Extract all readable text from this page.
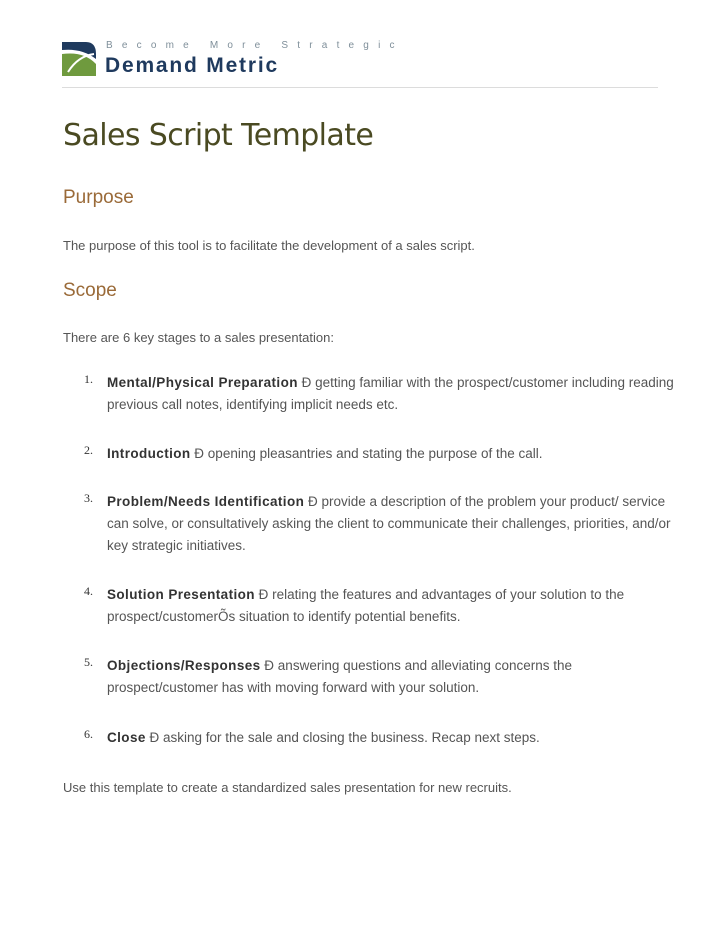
Become More Strategic
Demand Metric
Sales Script Template
Purpose

The purpose of this tool is to facilitate the development of a sales script.

Scope

There are 6 key stages to a sales presentation:

1. Mental/Physical Preparation Ð getting familiar with the prospect/customer including reading previous call notes, identifying implicit needs etc.
2. Introduction Ð opening pleasantries and stating the purpose of the call.
3. Problem/Needs Identification Ð provide a description of the problem your product/ service can solve, or consultatively asking the client to communicate their challenges, priorities, and/or key strategic initiatives.
4. Solution Presentation Ð relating the features and advantages of your solution to the prospect/customerÕs situation to identify potential benefits.
5. Objections/Responses Ð answering questions and alleviating concerns the prospect/customer has with moving forward with your solution.
6. Close Ð asking for the sale and closing the business. Recap next steps.

Use this template to create a standardized sales presentation for new recruits.
